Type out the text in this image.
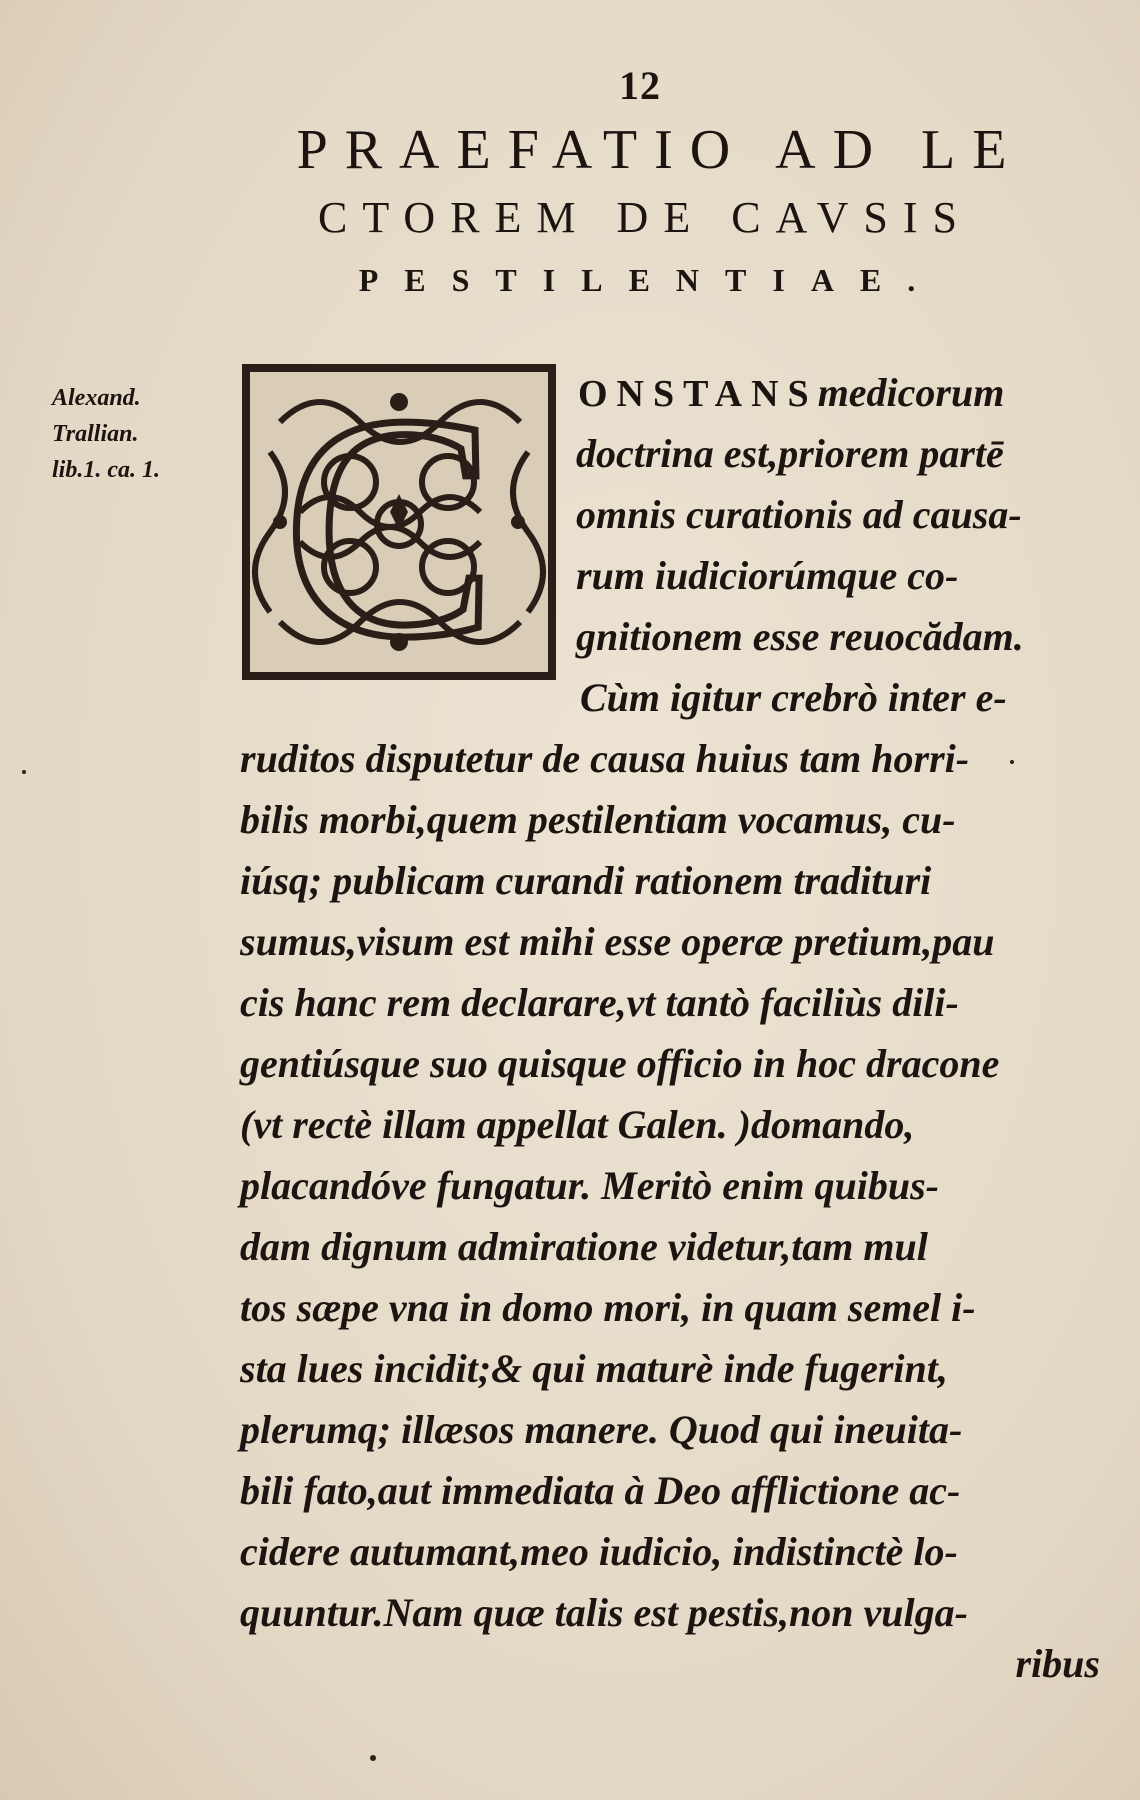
12
PRAEFATIO AD LE
CTOREM DE CAVSIS
PESTILENTIAE.
Alexand.
Trallian.
lib.1. ca. 1. C ONSTANSmedicorum
doctrina est,priorem partē
omnis curationis ad causa-
rum iudiciorúmque co-
gnitionem esse reuocădam.
Cùm igitur crebrò inter e-
ruditos disputetur de causa huius tam horri-
bilis morbi,quem pestilentiam vocamus, cu-
iúsq; publicam curandi rationem tradituri
sumus,visum est mihi esse operæ pretium,pau
cis hanc rem declarare,vt tantò faciliùs dili-
gentiúsque suo quisque officio in hoc dracone
(vt rectè illam appellat Galen. )domando,
placandóve fungatur. Meritò enim quibus-
dam dignum admiratione videtur,tam mul
tos sæpe vna in domo mori, in quam semel i-
sta lues incidit;& qui maturè inde fugerint,
plerumq; illæsos manere. Quod qui ineuita-
bili fato,aut immediata à Deo afflictione ac-
cidere autumant,meo iudicio, indistinctè lo-
quuntur.Nam quæ talis est pestis,non vulga-
ribus
